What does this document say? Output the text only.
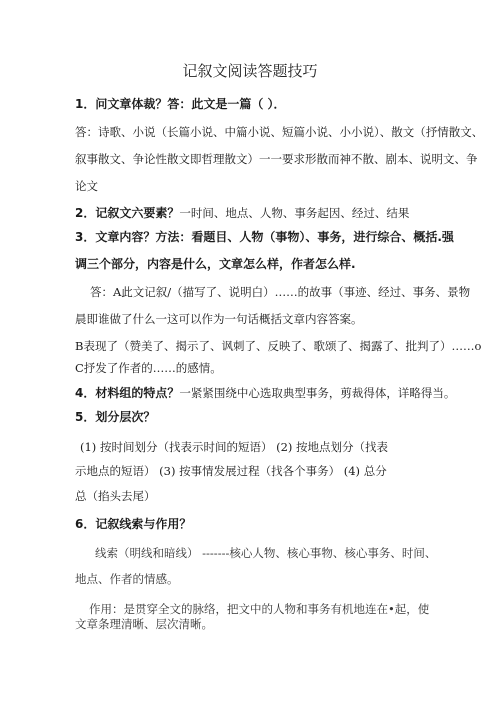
记叙文阅读答题技巧
1．问文章体裁？答：此文是一篇（ ）．
答：诗歌、小说（长篇小说、中篇小说、短篇小说、小小说）、散文（抒情散文、
叙事散文、争论性散文即哲理散文）一一要求形散而神不散、剧本、说明文、争
论文
2．记叙文六要素？一时间、地点、人物、事务起因、经过、结果
3．文章内容？方法：看题目、人物（事物）、事务，进行综合、概括.强
调三个部分，内容是什么，文章怎么样，作者怎么样.
答：A此文记叙/（描写了、说明白）……的故事（事迹、经过、事务、景物
晨即谁做了什么一这可以作为一句话概括文章内容答案。
B表现了（赞美了、揭示了、讽刺了、反映了、歌颂了、揭露了、批判了）……o
C抒发了作者的……的感情。
4．材料组的特点？一紧紧围绕中心选取典型事务，剪裁得体，详略得当。
5．划分层次？
(1) 按时间划分（找表示时间的短语） (2) 按地点划分（找表
示地点的短语） (3) 按事情发展过程（找各个事务） (4) 总分
总（掐头去尾）
6．记叙线索与作用？
线索（明线和暗线） -------核心人物、核心事物、核心事务、时间、
地点、作者的情感。
作用：是贯穿全文的脉络，把文中的人物和事务有机地连在•起，使
文章条理清晰、层次清晰。
